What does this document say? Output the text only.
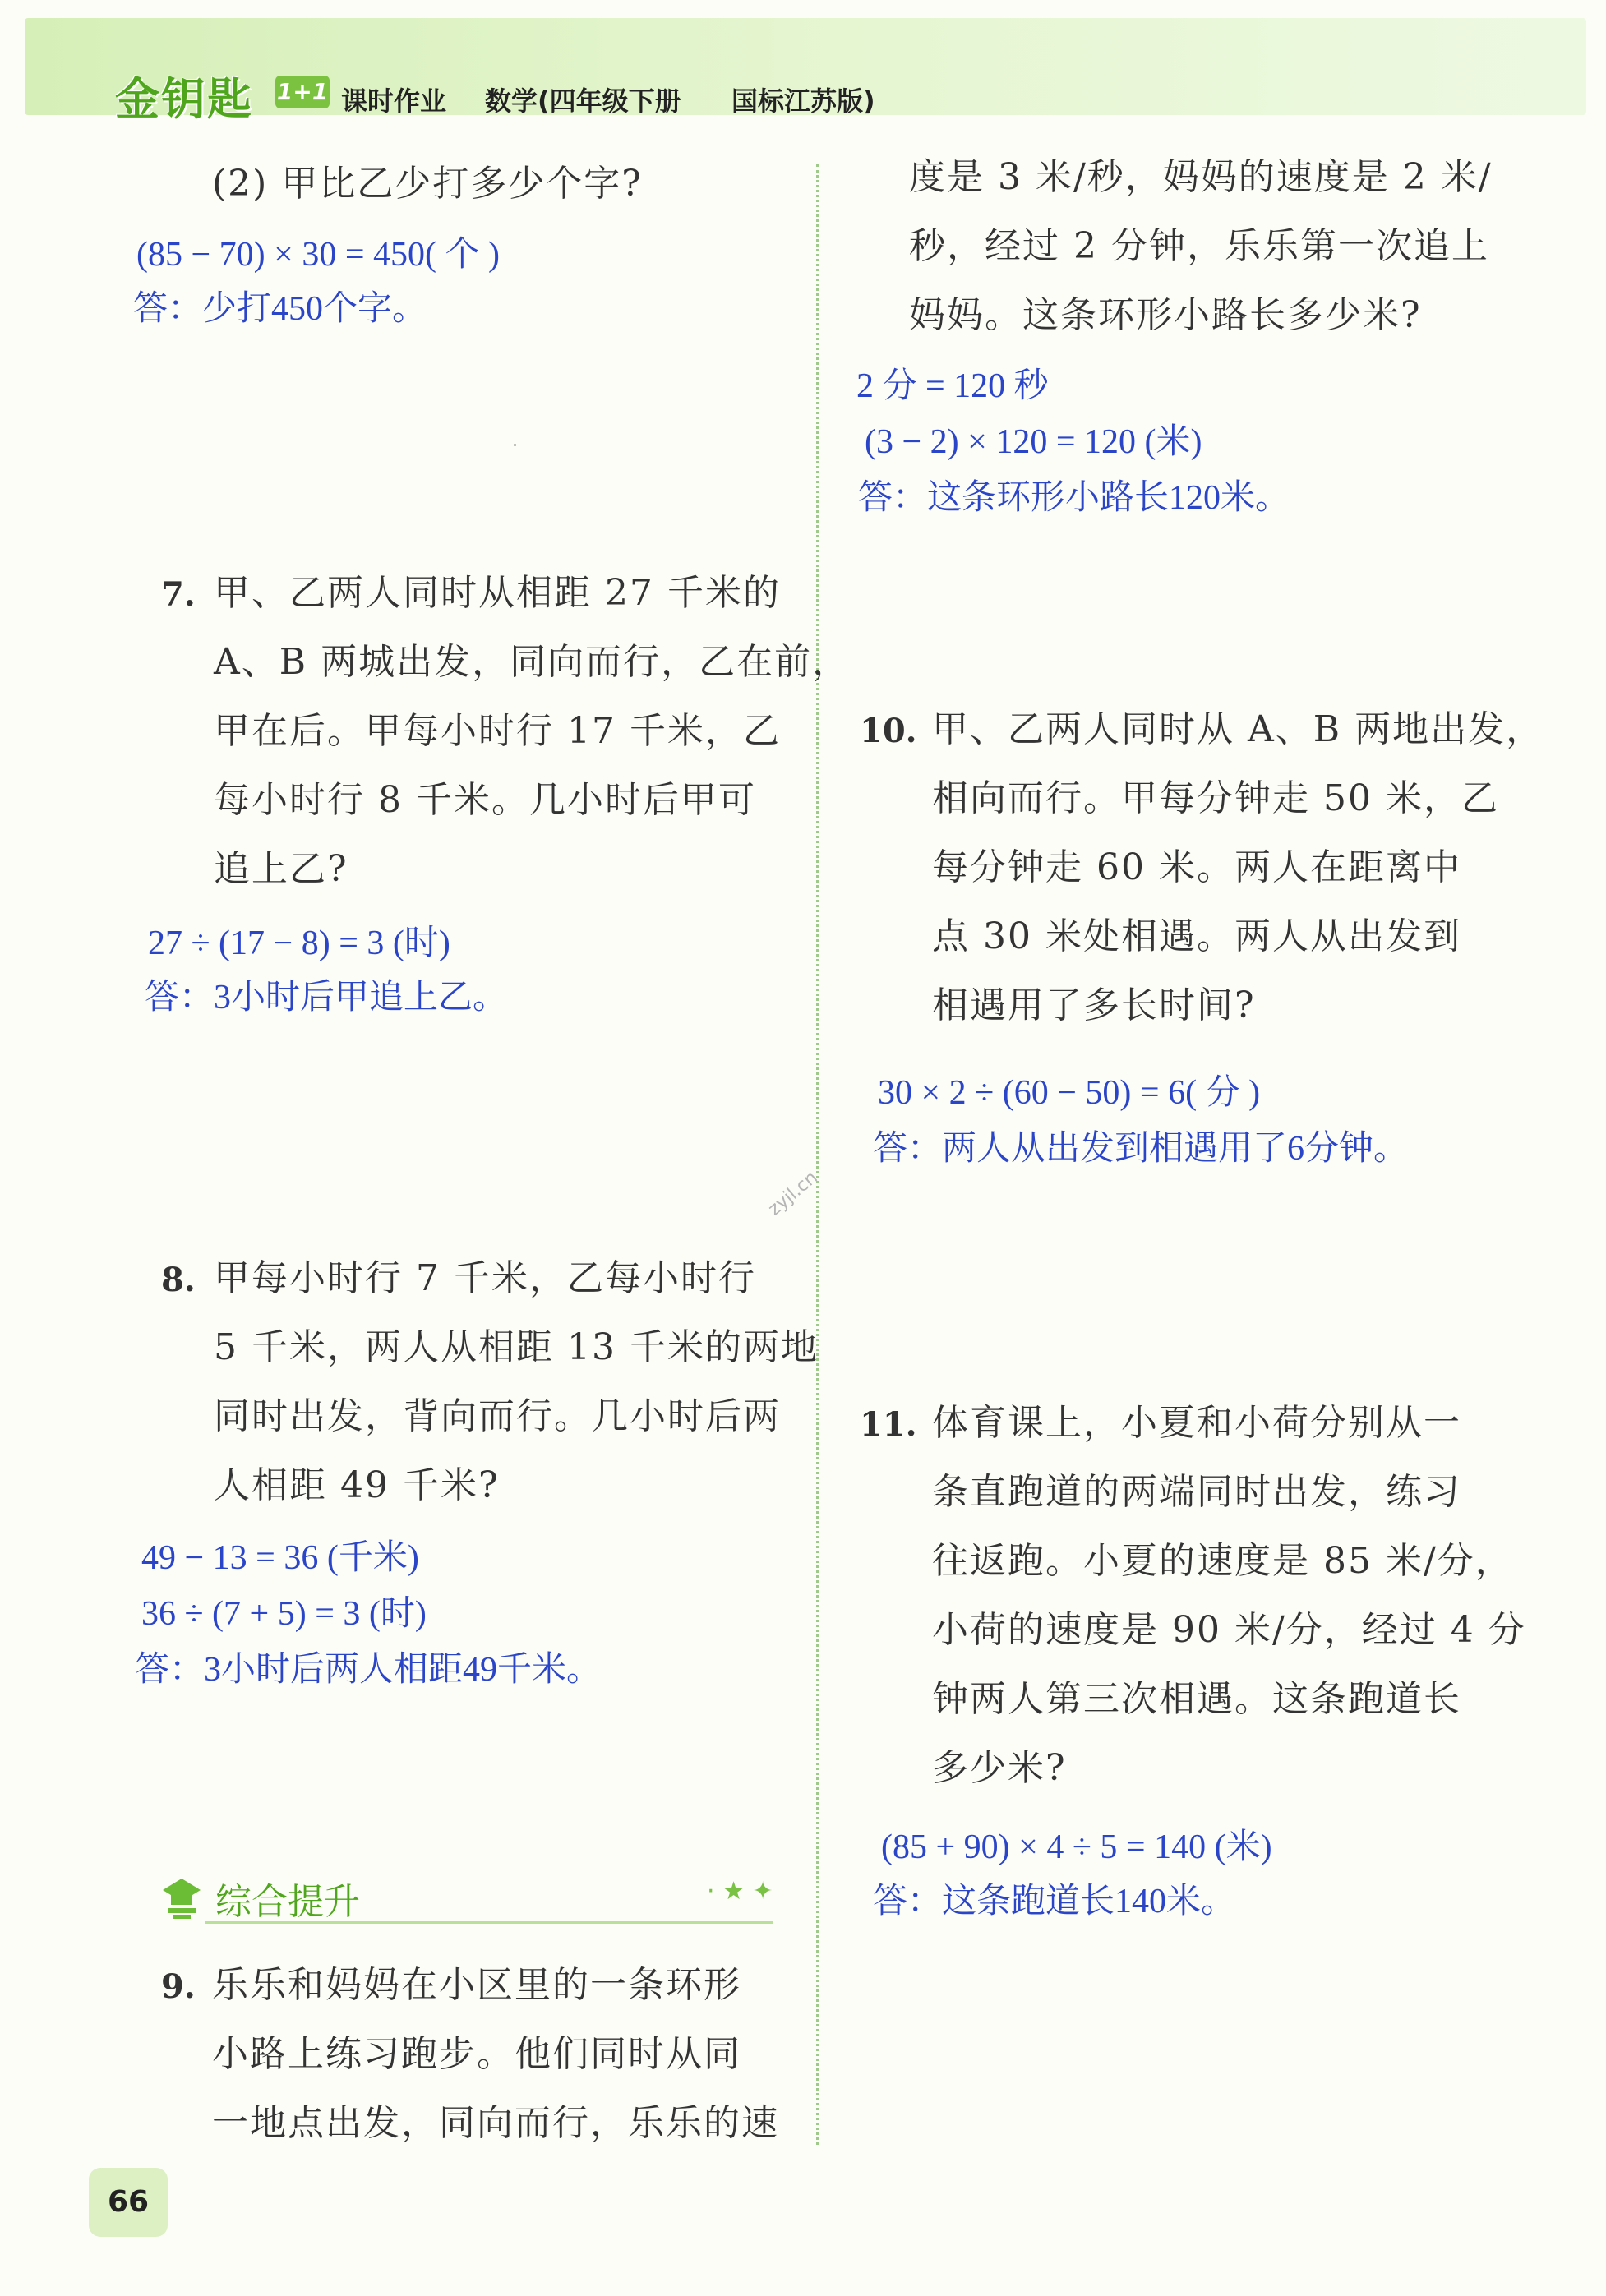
金钥匙 1+1 课时作业 数学(四年级下册 国标江苏版)
(2) 甲比乙少打多少个字?
(85 − 70) × 30 = 450( 个 )
答：少打450个字。
7. 甲、乙两人同时从相距 27 千米的
A、B 两城出发，同向而行，乙在前，
甲在后。甲每小时行 17 千米，乙
每小时行 8 千米。几小时后甲可
追上乙?
27 ÷ (17 − 8) = 3 (时)
答：3小时后甲追上乙。
8. 甲每小时行 7 千米，乙每小时行
5 千米，两人从相距 13 千米的两地
同时出发，背向而行。几小时后两
人相距 49 千米?
49 − 13 = 36 (千米)
36 ÷ (7 + 5) = 3 (时)
答：3小时后两人相距49千米。
综合提升	· ★ ✦
9. 乐乐和妈妈在小区里的一条环形
小路上练习跑步。他们同时从同
一地点出发，同向而行，乐乐的速
度是 3 米/秒，妈妈的速度是 2 米/
秒，经过 2 分钟，乐乐第一次追上
妈妈。这条环形小路长多少米?
2 分 = 120 秒
(3 − 2) × 120 = 120 (米)
答：这条环形小路长120米。
10. 甲、乙两人同时从 A、B 两地出发，
相向而行。甲每分钟走 50 米，乙
每分钟走 60 米。两人在距离中
点 30 米处相遇。两人从出发到
相遇用了多长时间?
30 × 2 ÷ (60 − 50) = 6( 分 )
答：两人从出发到相遇用了6分钟。
zyjl.cn
11. 体育课上，小夏和小荷分别从一
条直跑道的两端同时出发，练习
往返跑。小夏的速度是 85 米/分，
小荷的速度是 90 米/分，经过 4 分
钟两人第三次相遇。这条跑道长
多少米?
(85 + 90) × 4 ÷ 5 = 140 (米)
答：这条跑道长140米。
66
